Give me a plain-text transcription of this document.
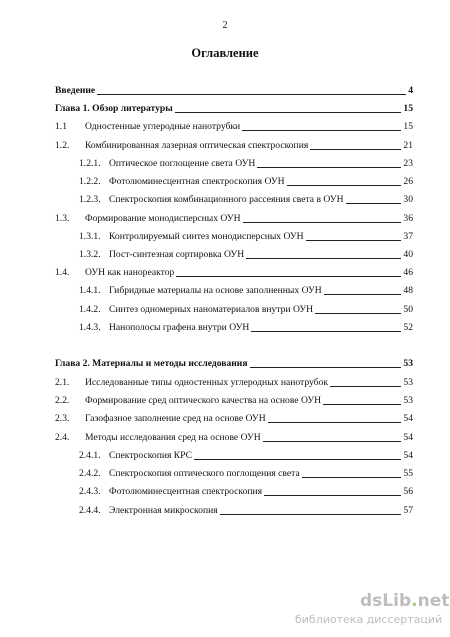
2
Оглавление
Введение	4
Глава 1. Обзор литературы	15
1.1	Одностенные углеродные нанотрубки	15
1.2.	Комбинированная лазерная оптическая спектроскопия	21
1.2.1. Оптическое поглощение света ОУН	23
1.2.2. Фотолюминесцентная спектроскопия ОУН	26
1.2.3. Спектроскопия комбинационного рассеяния света в ОУН	30
1.3.	Формирование монодисперсных ОУН	36
1.3.1. Контролируемый синтез монодисперсных ОУН	37
1.3.2. Пост-синтезная сортировка ОУН	40
1.4.	ОУН как нанореактор	46
1.4.1. Гибридные материалы на основе заполненных ОУН	48
1.4.2. Синтез одномерных наноматериалов внутри ОУН	50
1.4.3. Нанополосы графена внутри ОУН	52
Глава 2. Материалы и методы исследования	53
2.1.	Исследованные типы одностенных углеродных нанотрубок	53
2.2.	Формирование сред оптического качества на основе ОУН	53
2.3.	Газофазное заполнение сред на основе ОУН	54
2.4.	Методы исследования сред на основе ОУН	54
2.4.1. Спектроскопия КРС	54
2.4.2. Спектроскопия оптического поглощения света	55
2.4.3. Фотолюминесцентная спектроскопия	56
2.4.4. Электронная микроскопия	57
dsLib.net
библиотека диссертаций
